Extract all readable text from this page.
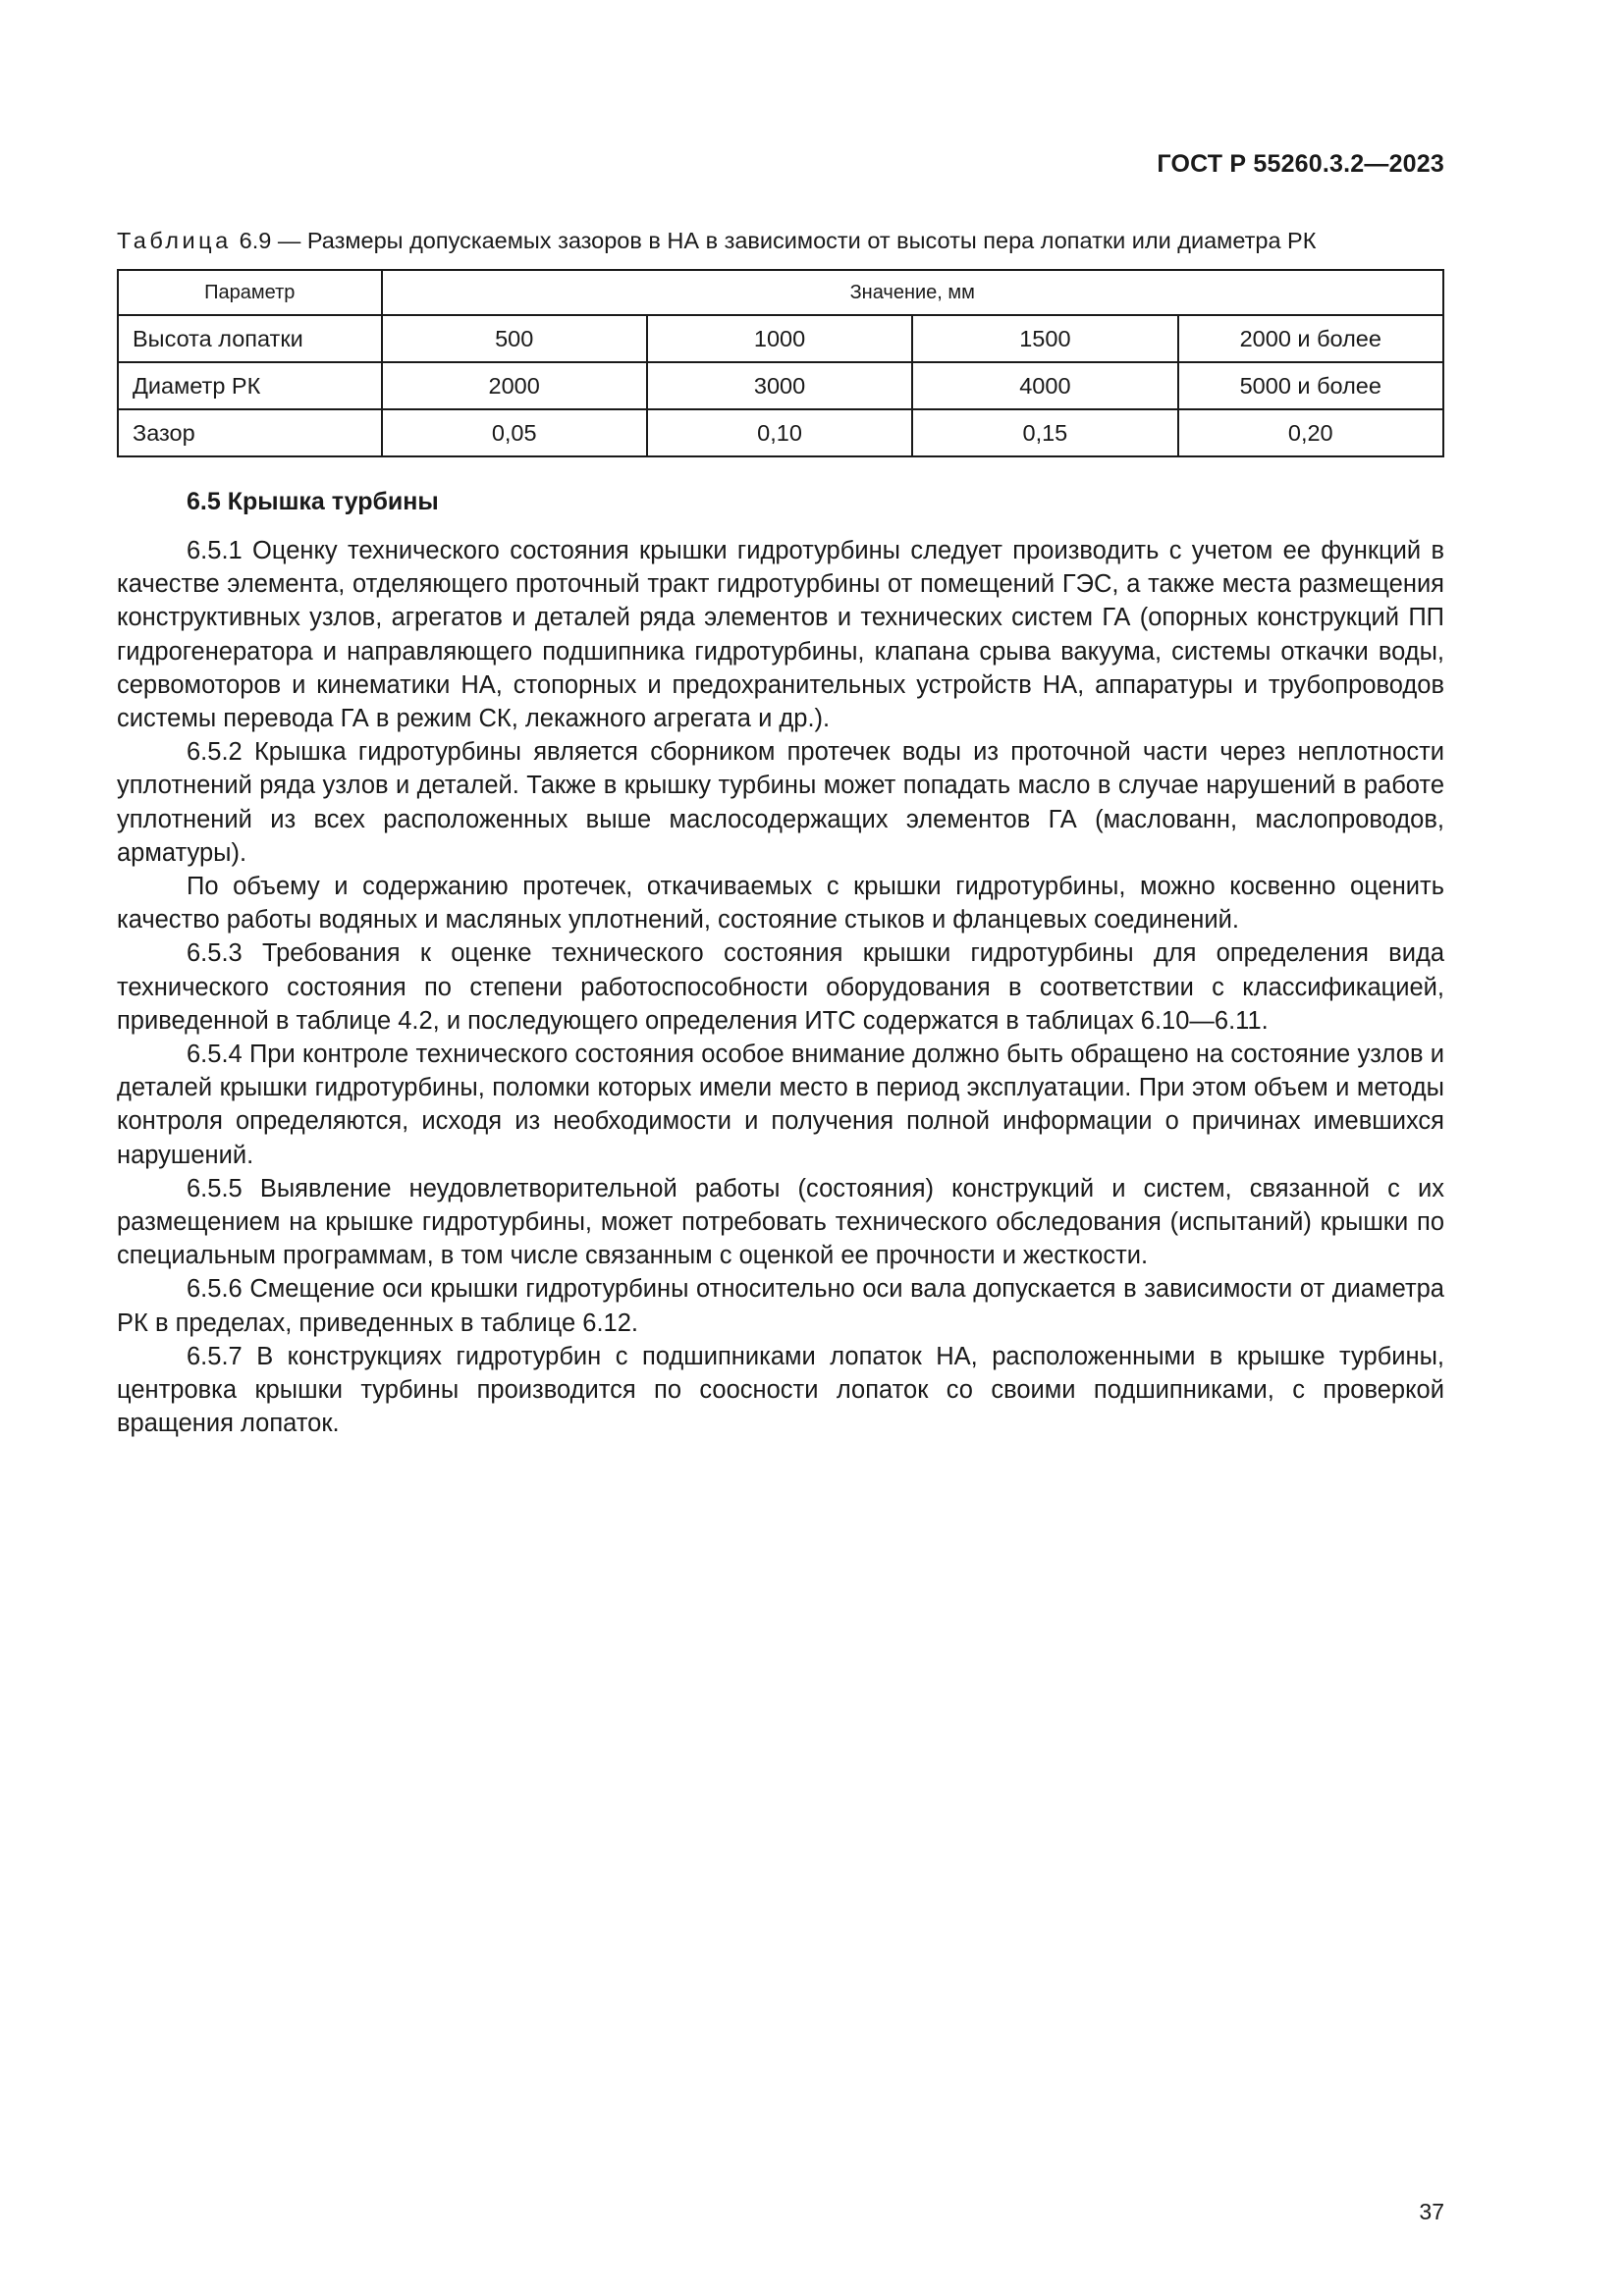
ГОСТ Р 55260.3.2—2023
Таблица 6.9 — Размеры допускаемых зазоров в НА в зависимости от высоты пера лопатки или диаметра РК
Параметр	Значение, мм			
Высота лопатки	500	1000	1500	2000 и более
Диаметр РК	2000	3000	4000	5000 и более
Зазор	0,05	0,10	0,15	0,20
6.5 Крышка турбины

6.5.1 Оценку технического состояния крышки гидротурбины следует производить с учетом ее функций в качестве элемента, отделяющего проточный тракт гидротурбины от помещений ГЭС, а также места размещения конструктивных узлов, агрегатов и деталей ряда элементов и технических систем ГА (опорных конструкций ПП гидрогенератора и направляющего подшипника гидротурбины, клапана срыва вакуума, системы откачки воды, сервомоторов и кинематики НА, стопорных и предохранительных устройств НА, аппаратуры и трубопроводов системы перевода ГА в режим СК, лекажного агрегата и др.).

6.5.2 Крышка гидротурбины является сборником протечек воды из проточной части через неплотности уплотнений ряда узлов и деталей. Также в крышку турбины может попадать масло в случае нарушений в работе уплотнений из всех расположенных выше маслосодержащих элементов ГА (маслованн, маслопроводов, арматуры).

По объему и содержанию протечек, откачиваемых с крышки гидротурбины, можно косвенно оценить качество работы водяных и масляных уплотнений, состояние стыков и фланцевых соединений.

6.5.3 Требования к оценке технического состояния крышки гидротурбины для определения вида технического состояния по степени работоспособности оборудования в соответствии с классификацией, приведенной в таблице 4.2, и последующего определения ИТС содержатся в таблицах 6.10—6.11.

6.5.4 При контроле технического состояния особое внимание должно быть обращено на состояние узлов и деталей крышки гидротурбины, поломки которых имели место в период эксплуатации. При этом объем и методы контроля определяются, исходя из необходимости и получения полной информации о причинах имевшихся нарушений.

6.5.5 Выявление неудовлетворительной работы (состояния) конструкций и систем, связанной с их размещением на крышке гидротурбины, может потребовать технического обследования (испытаний) крышки по специальным программам, в том числе связанным с оценкой ее прочности и жесткости.

6.5.6 Смещение оси крышки гидротурбины относительно оси вала допускается в зависимости от диаметра РК в пределах, приведенных в таблице 6.12.

6.5.7 В конструкциях гидротурбин с подшипниками лопаток НА, расположенными в крышке турбины, центровка крышки турбины производится по соосности лопаток со своими подшипниками, с проверкой вращения лопаток.

37
